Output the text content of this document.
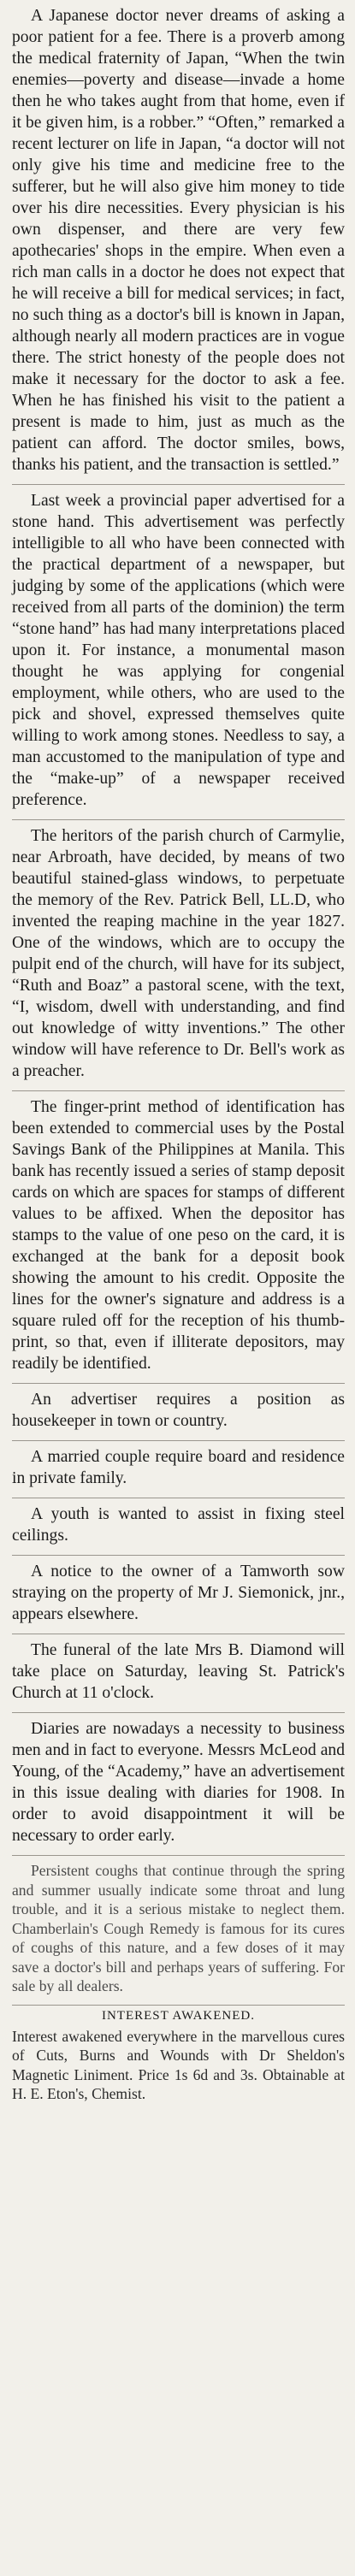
A Japanese doctor never dreams of asking a poor patient for a fee. There is a proverb among the medical fraternity of Japan, “When the twin enemies—poverty and disease—invade a home then he who takes aught from that home, even if it be given him, is a robber.” “Often,” remarked a recent lecturer on life in Japan, “a doctor will not only give his time and medicine free to the sufferer, but he will also give him money to tide over his dire necessities. Every physician is his own dispenser, and there are very few apothecaries' shops in the empire. When even a rich man calls in a doctor he does not expect that he will receive a bill for medical services; in fact, no such thing as a doctor's bill is known in Japan, although nearly all modern practices are in vogue there. The strict honesty of the people does not make it necessary for the doctor to ask a fee. When he has finished his visit to the patient a present is made to him, just as much as the patient can afford. The doctor smiles, bows, thanks his patient, and the transaction is settled.”

Last week a provincial paper advertised for a stone hand. This advertisement was perfectly intelligible to all who have been connected with the practical department of a newspaper, but judging by some of the applications (which were received from all parts of the dominion) the term “stone hand” has had many interpretations placed upon it. For instance, a monumental mason thought he was applying for congenial employment, while others, who are used to the pick and shovel, expressed themselves quite willing to work among stones. Needless to say, a man accustomed to the manipulation of type and the “make-up” of a newspaper received preference.

The heritors of the parish church of Carmylie, near Arbroath, have decided, by means of two beautiful stained-glass windows, to perpetuate the memory of the Rev. Patrick Bell, LL.D, who invented the reaping machine in the year 1827. One of the windows, which are to occupy the pulpit end of the church, will have for its subject, “Ruth and Boaz” a pastoral scene, with the text, “I, wisdom, dwell with understanding, and find out knowledge of witty inventions.” The other window will have reference to Dr. Bell's work as a preacher.

The finger-print method of identification has been extended to commercial uses by the Postal Savings Bank of the Philippines at Manila. This bank has recently issued a series of stamp deposit cards on which are spaces for stamps of different values to be affixed. When the depositor has stamps to the value of one peso on the card, it is exchanged at the bank for a deposit book showing the amount to his credit. Opposite the lines for the owner's signature and address is a square ruled off for the reception of his thumb-print, so that, even if illiterate depositors, may readily be identified.

An advertiser requires a position as housekeeper in town or country.

A married couple require board and residence in private family.

A youth is wanted to assist in fixing steel ceilings.

A notice to the owner of a Tamworth sow straying on the property of Mr J. Siemonick, jnr., appears elsewhere.

The funeral of the late Mrs B. Diamond will take place on Saturday, leaving St. Patrick's Church at 11 o'clock.

Diaries are nowadays a necessity to business men and in fact to everyone. Messrs McLeod and Young, of the “Academy,” have an advertisement in this issue dealing with diaries for 1908. In order to avoid disappointment it will be necessary to order early.

Persistent coughs that continue through the spring and summer usually indicate some throat and lung trouble, and it is a serious mistake to neglect them. Chamberlain's Cough Remedy is famous for its cures of coughs of this nature, and a few doses of it may save a doctor's bill and perhaps years of suffering. For sale by all dealers.

INTEREST AWAKENED.

Interest awakened everywhere in the marvellous cures of Cuts, Burns and Wounds with Dr Sheldon's Magnetic Liniment. Price 1s 6d and 3s. Obtainable at H. E. Eton's, Chemist.
